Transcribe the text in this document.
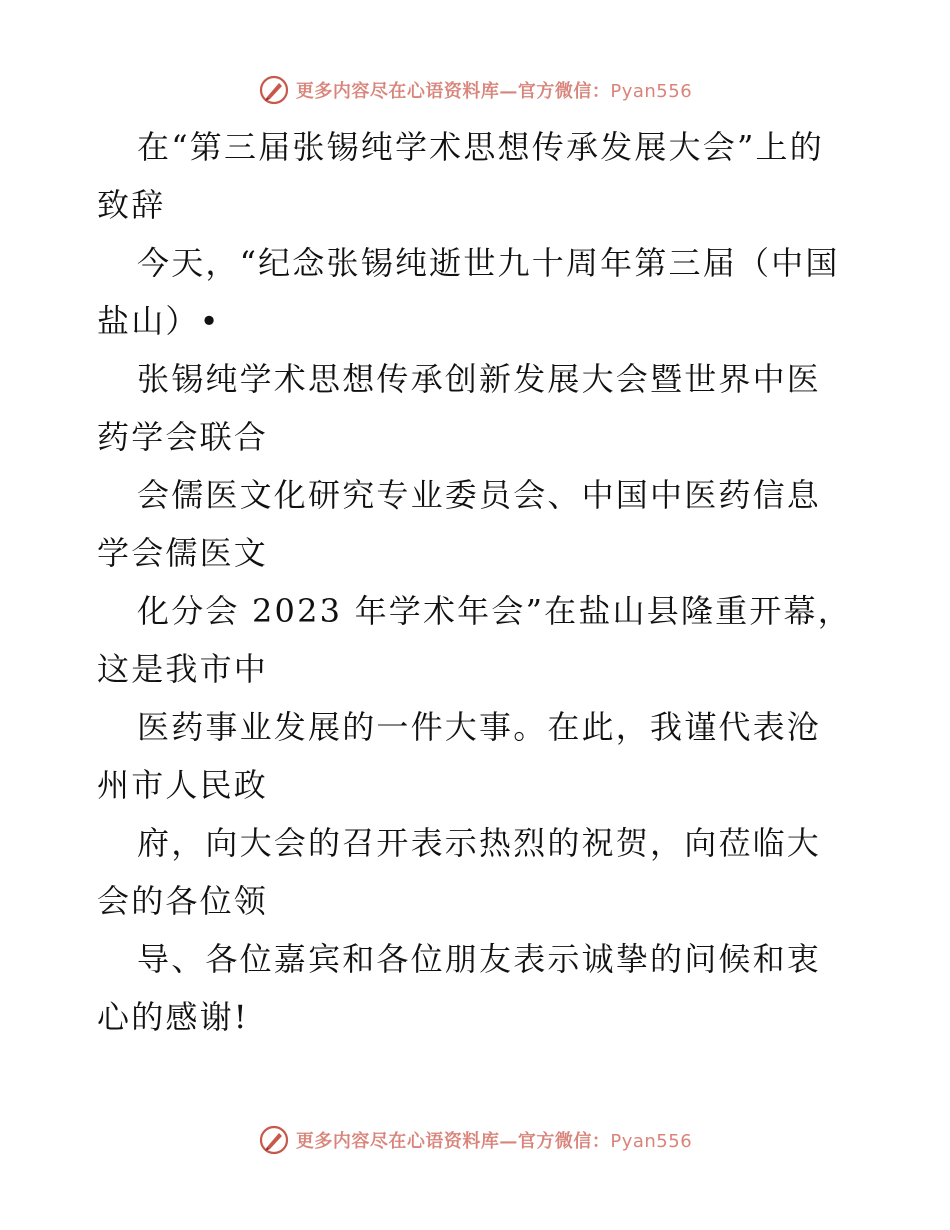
更多内容尽在心语资料库—官方微信：Pyan556

在“第三届张锡纯学术思想传承发展大会”上的致辞

今天，“纪念张锡纯逝世九十周年第三届（中国盐山）•

张锡纯学术思想传承创新发展大会暨世界中医药学会联合

会儒医文化研究专业委员会、中国中医药信息学会儒医文

化分会 2023 年学术年会”在盐山县隆重开幕，这是我市中

医药事业发展的一件大事。在此，我谨代表沧州市人民政

府，向大会的召开表示热烈的祝贺，向莅临大会的各位领

导、各位嘉宾和各位朋友表示诚挚的问候和衷心的感谢!

更多内容尽在心语资料库—官方微信：Pyan556
